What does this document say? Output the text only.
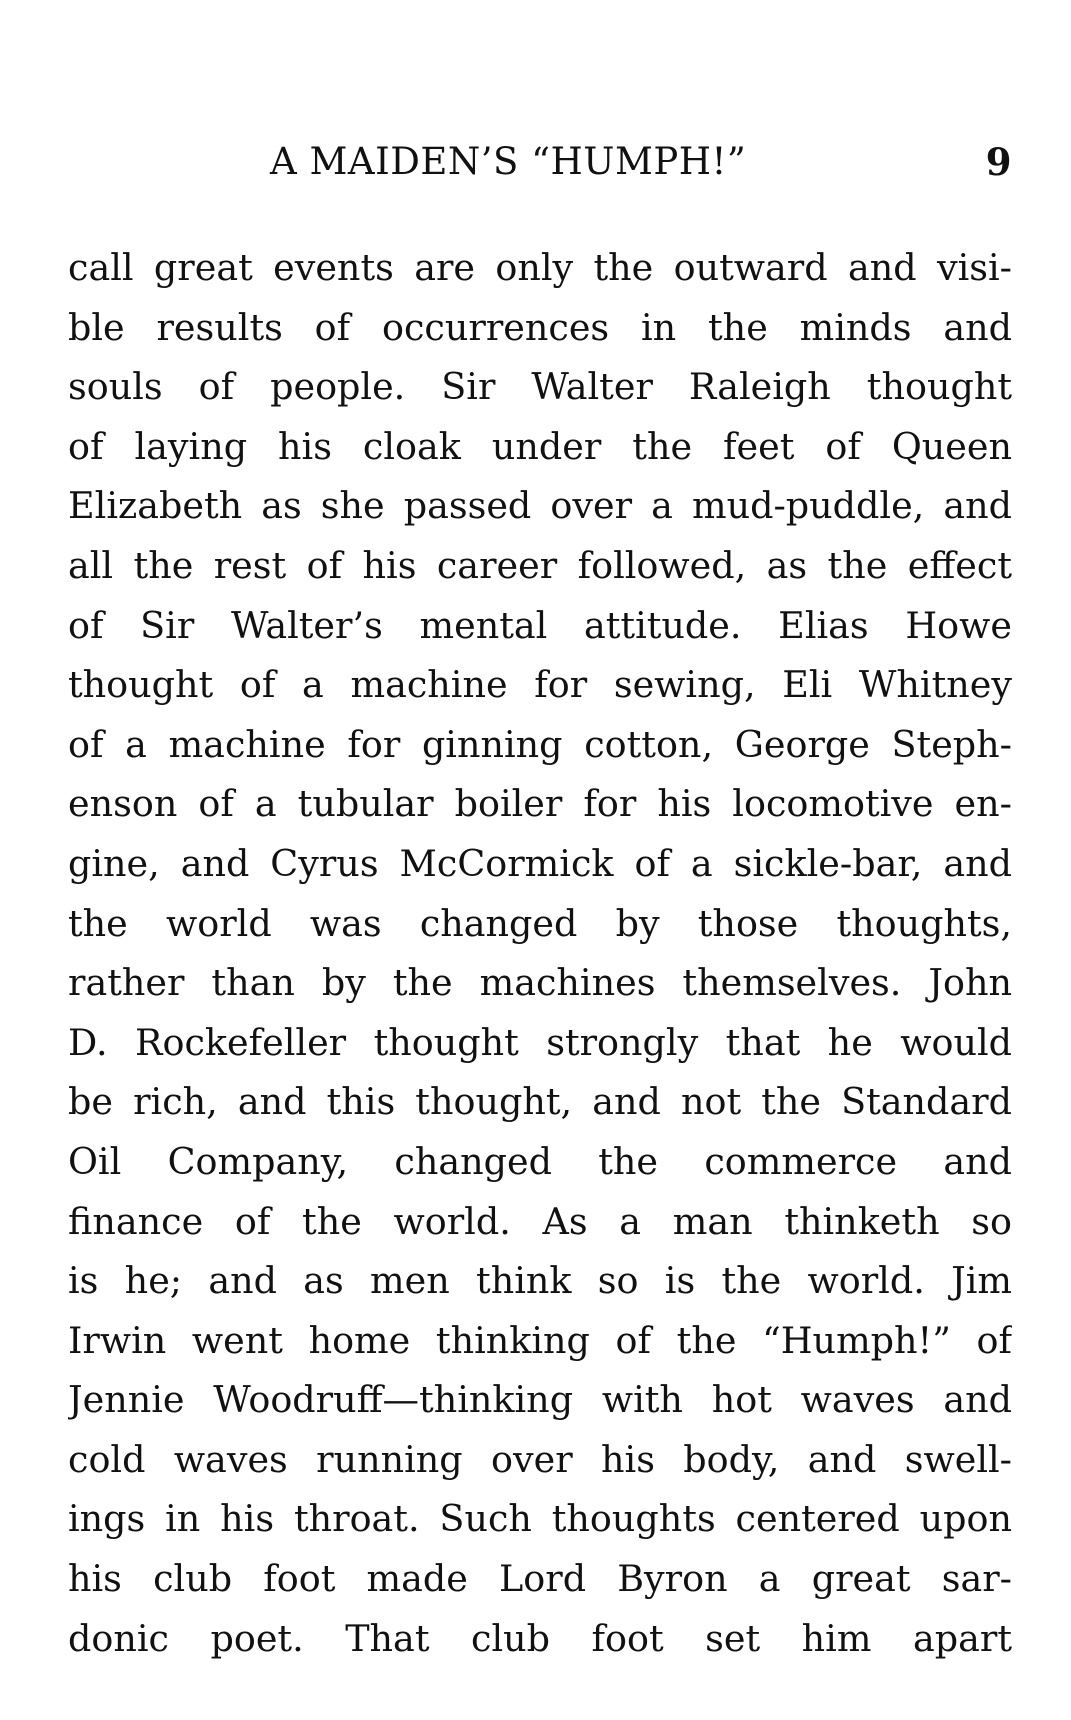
A MAIDEN’S “HUMPH!”	9
call great events are only the outward and visi-
ble results of occurrences in the minds and
souls of people. Sir Walter Raleigh thought
of laying his cloak under the feet of Queen
Elizabeth as she passed over a mud-puddle, and
all the rest of his career followed, as the effect
of Sir Walter’s mental attitude. Elias Howe
thought of a machine for sewing, Eli Whitney
of a machine for ginning cotton, George Steph-
enson of a tubular boiler for his locomotive en-
gine, and Cyrus McCormick of a sickle-bar, and
the world was changed by those thoughts,
rather than by the machines themselves. John
D. Rockefeller thought strongly that he would
be rich, and this thought, and not the Standard
Oil Company, changed the commerce and
finance of the world. As a man thinketh so
is he; and as men think so is the world. Jim
Irwin went home thinking of the “Humph!” of
Jennie Woodruff—thinking with hot waves and
cold waves running over his body, and swell-
ings in his throat. Such thoughts centered upon
his club foot made Lord Byron a great sar-
donic poet. That club foot set him apart
